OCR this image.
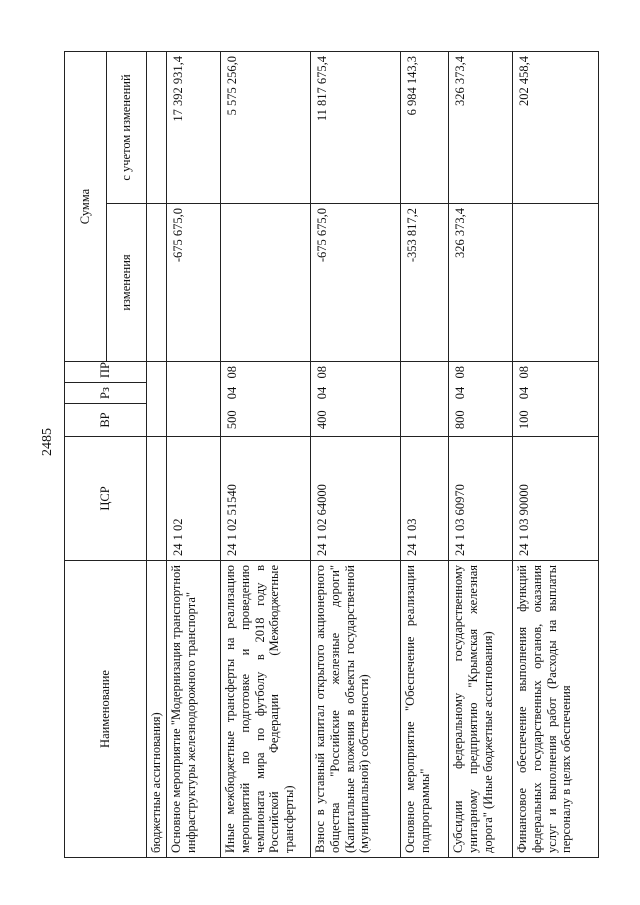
2485
Наименование	ЦСР	ВР	Рз	ПР	Сумма	
					изменения	с учетом изменений
бюджетные ассигнования)						
Основное мероприятие "Модернизация транспортной инфраструктуры железнодорожного транспорта"	24 1 02				-675 675,0	17 392 931,4
Иные межбюджетные трансферты на реализацию мероприятий по подготовке и проведению чемпионата мира по футболу в 2018 году в Российской Федерации (Межбюджетные трансферты)	24 1 02 51540	500	04	08		5 575 256,0
Взнос в уставный капитал открытого акционерного общества "Российские железные дороги" (Капитальные вложения в объекты государственной (муниципальной) собственности)	24 1 02 64000	400	04	08	-675 675,0	11 817 675,4
Основное мероприятие "Обеспечение реализации подпрограммы"	24 1 03				-353 817,2	6 984 143,3
Субсидии федеральному государственному унитарному предприятию "Крымская железная дорога" (Иные бюджетные ассигнования)	24 1 03 60970	800	04	08	326 373,4	326 373,4
Финансовое обеспечение выполнения функций федеральных государственных органов, оказания услуг и выполнения работ (Расходы на выплаты персоналу в целях обеспечения	24 1 03 90000	100	04	08		202 458,4
